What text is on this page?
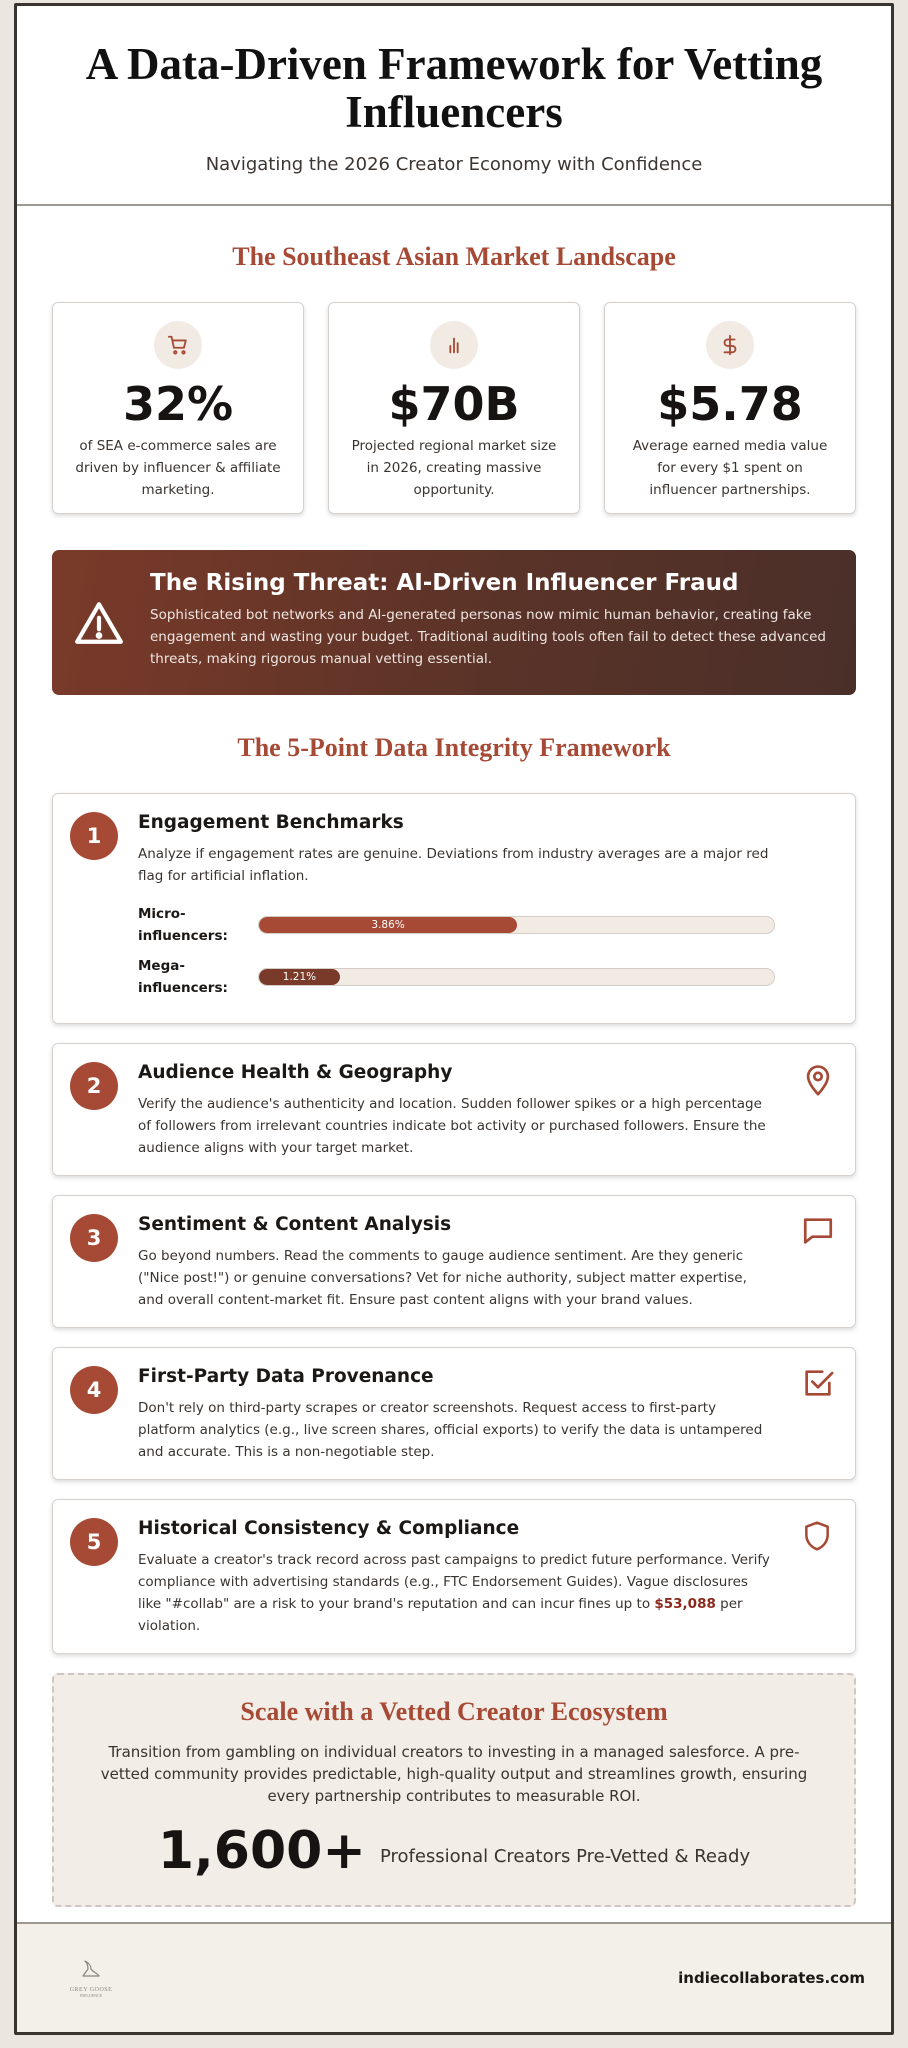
A Data-Driven Framework for Vetting Influencers
Navigating the 2026 Creator Economy with Confidence
The Southeast Asian Market Landscape
32%
of SEA e-commerce sales are driven by influencer & affiliate marketing.
$70B
Projected regional market size in 2026, creating massive opportunity.
$5.78
Average earned media value for every $1 spent on influencer partnerships.
The Rising Threat: AI-Driven Influencer Fraud
Sophisticated bot networks and AI-generated personas now mimic human behavior, creating fake engagement and wasting your budget. Traditional auditing tools often fail to detect these advanced threats, making rigorous manual vetting essential.
The 5-Point Data Integrity Framework
1
Engagement Benchmarks
Analyze if engagement rates are genuine. Deviations from industry averages are a major red flag for artificial inflation.
Micro-influencers:
3.86%
Mega-influencers:
1.21%
2
Audience Health & Geography
Verify the audience's authenticity and location. Sudden follower spikes or a high percentage of followers from irrelevant countries indicate bot activity or purchased followers. Ensure the audience aligns with your target market.
3
Sentiment & Content Analysis
Go beyond numbers. Read the comments to gauge audience sentiment. Are they generic ("Nice post!") or genuine conversations? Vet for niche authority, subject matter expertise, and overall content-market fit. Ensure past content aligns with your brand values.
4
First-Party Data Provenance
Don't rely on third-party scrapes or creator screenshots. Request access to first-party platform analytics (e.g., live screen shares, official exports) to verify the data is untampered and accurate. This is a non-negotiable step.
5
Historical Consistency & Compliance
Evaluate a creator's track record across past campaigns to predict future performance. Verify compliance with advertising standards (e.g., FTC Endorsement Guides). Vague disclosures like "#collab" are a risk to your brand's reputation and can incur fines up to $53,088 per violation.
Scale with a Vetted Creator Ecosystem
Transition from gambling on individual creators to investing in a managed salesforce. A pre-vetted community provides predictable, high-quality output and streamlines growth, ensuring every partnership contributes to measurable ROI.
1,600+ Professional Creators Pre-Vetted & Ready
GREY GOOSE
INFLUENCE
indiecollaborates.com
